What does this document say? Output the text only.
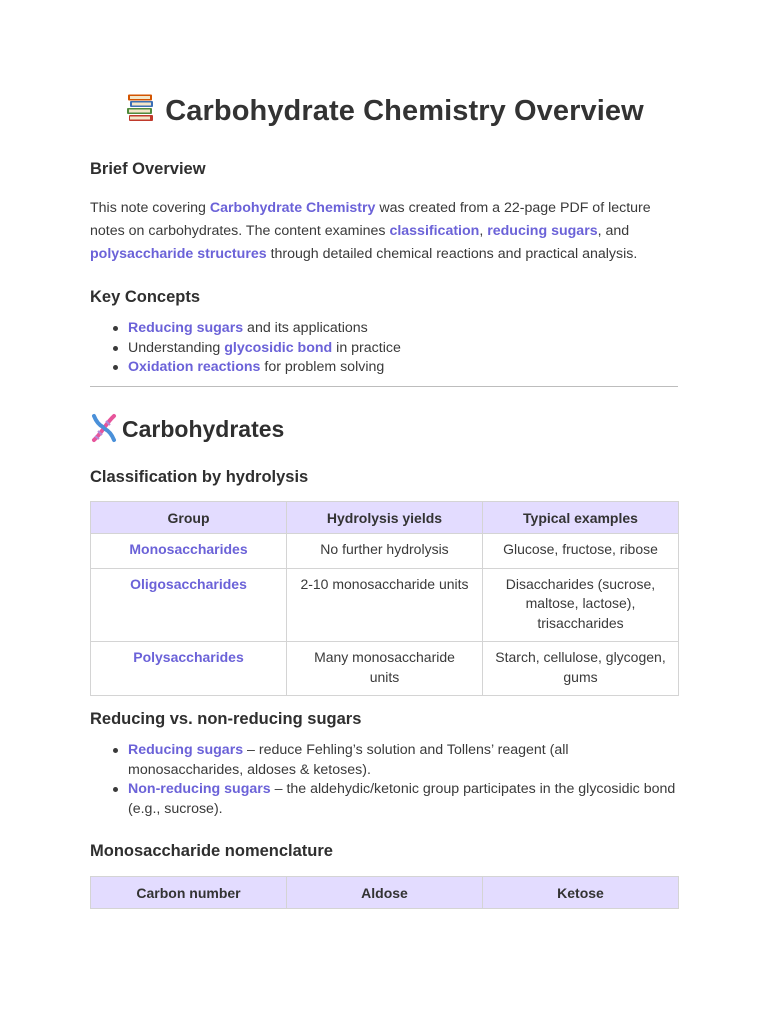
Carbohydrate Chemistry Overview
Brief Overview

This note covering Carbohydrate Chemistry was created from a 22-page PDF of lecture notes on carbohydrates. The content examines classification, reducing sugars, and polysaccharide structures through detailed chemical reactions and practical analysis.

Key Concepts
Reducing sugars and its applications
Understanding glycosidic bond in practice
Oxidation reactions for problem solving
Carbohydrates
Classification by hydrolysis
Group	Hydrolysis yields	Typical examples
Monosaccharides	No further hydrolysis	Glucose, fructose, ribose
Oligosaccharides	2-10 monosaccharide units	Disaccharides (sucrose, maltose, lactose), trisaccharides
Polysaccharides	Many monosaccharide units	Starch, cellulose, glycogen, gums
Reducing vs. non-reducing sugars
Reducing sugars – reduce Fehling’s solution and Tollens’ reagent (all monosaccharides, aldoses & ketoses).
Non-reducing sugars – the aldehydic/ketonic group participates in the glycosidic bond (e.g., sucrose).
Monosaccharide nomenclature
Carbon number	Aldose	Ketose
